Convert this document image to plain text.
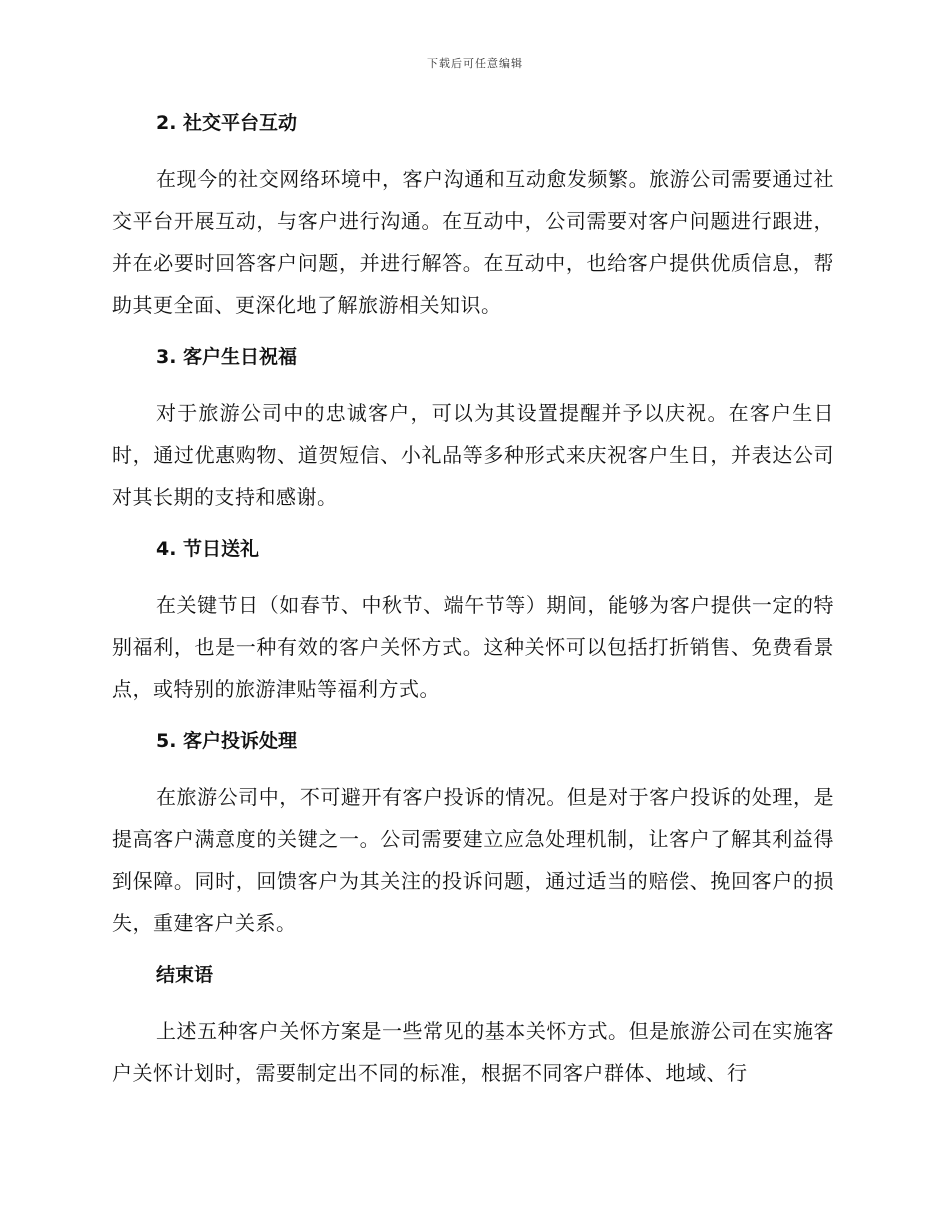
下载后可任意编辑
2. 社交平台互动

在现今的社交网络环境中，客户沟通和互动愈发频繁。旅游公司需要通过社交平台开展互动，与客户进行沟通。在互动中，公司需要对客户问题进行跟进，并在必要时回答客户问题，并进行解答。在互动中，也给客户提供优质信息，帮助其更全面、更深化地了解旅游相关知识。

3. 客户生日祝福

对于旅游公司中的忠诚客户，可以为其设置提醒并予以庆祝。在客户生日时，通过优惠购物、道贺短信、小礼品等多种形式来庆祝客户生日，并表达公司对其长期的支持和感谢。

4. 节日送礼

在关键节日（如春节、中秋节、端午节等）期间，能够为客户提供一定的特别福利，也是一种有效的客户关怀方式。这种关怀可以包括打折销售、免费看景点，或特别的旅游津贴等福利方式。

5. 客户投诉处理

在旅游公司中，不可避开有客户投诉的情况。但是对于客户投诉的处理，是提高客户满意度的关键之一。公司需要建立应急处理机制，让客户了解其利益得到保障。同时，回馈客户为其关注的投诉问题，通过适当的赔偿、挽回客户的损失，重建客户关系。

结束语

上述五种客户关怀方案是一些常见的基本关怀方式。但是旅游公司在实施客户关怀计划时，需要制定出不同的标准，根据不同客户群体、地域、行
